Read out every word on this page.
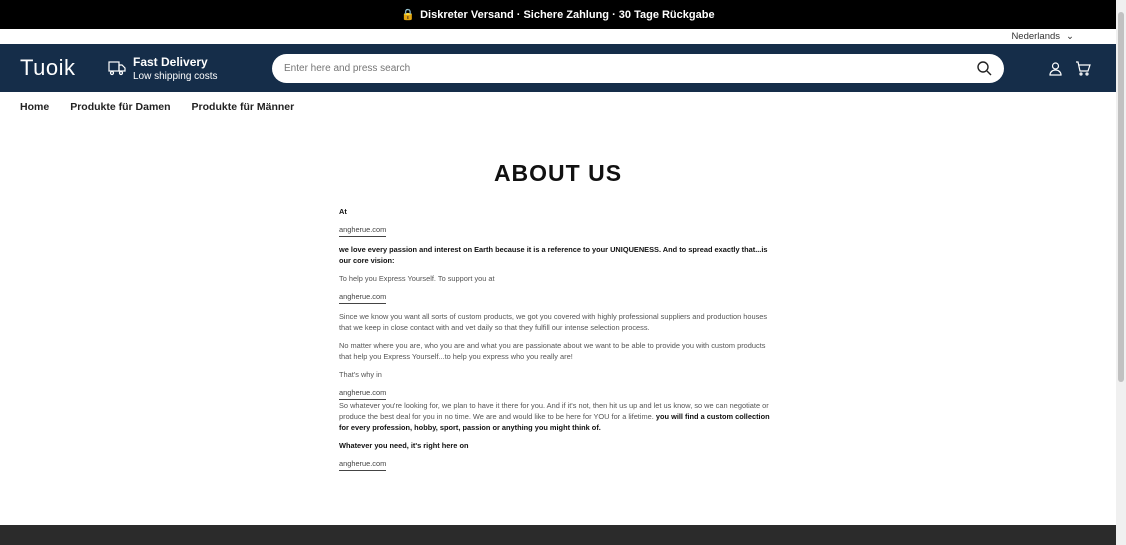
🔒 Diskreter Versand · Sichere Zahlung · 30 Tage Rückgabe
Nederlands ⌄
Tuoik	Fast Delivery
Low shipping costs
Enter here and press search
Home Produkte für Damen Produkte für Männer
ABOUT US

At

angherue.com

we love every passion and interest on Earth because it is a reference to your UNIQUENESS. And to spread exactly that...is our core vision:

To help you Express Yourself. To support you at

angherue.com

Since we know you want all sorts of custom products, we got you covered with highly professional suppliers and production houses that we keep in close contact with and vet daily so that they fulfill our intense selection process.

No matter where you are, who you are and what you are passionate about we want to be able to provide you with custom products that help you Express Yourself...to help you express who you really are!

That's why in

angherue.com

So whatever you're looking for, we plan to have it there for you. And if it's not, then hit us up and let us know, so we can negotiate or produce the best deal for you in no time. We are and would like to be here for YOU for a lifetime. you will find a custom collection for every profession, hobby, sport, passion or anything you might think of.

Whatever you need, it's right here on

angherue.com
